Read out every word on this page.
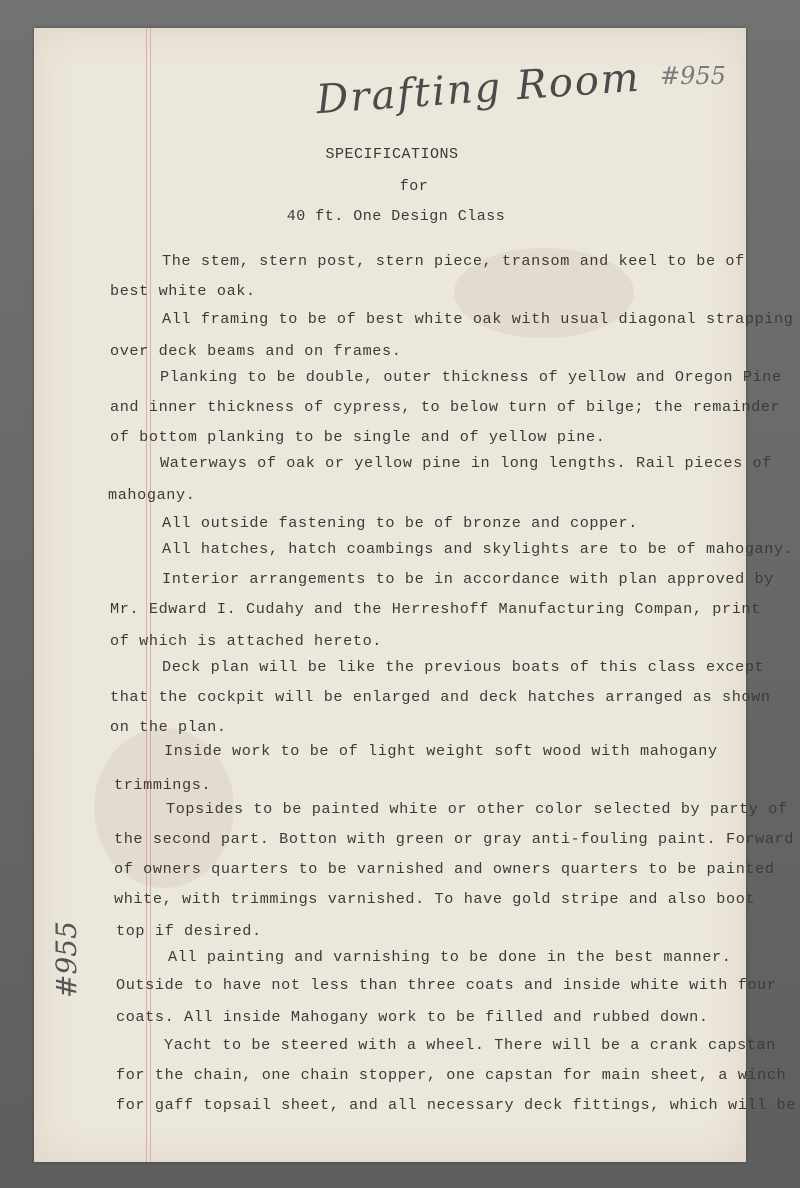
Drafting Room #955
#955
SPECIFICATIONS
for
40 ft. One Design Class
The stem, stern post, stern piece, transom and keel to be of
best white oak.
All framing to be of best white oak with usual diagonal strapping
over deck beams and on frames.
Planking to be double, outer thickness of yellow and Oregon Pine
and inner thickness of cypress, to below turn of bilge; the remainder
of bottom planking to be single and of yellow pine.
Waterways of oak or yellow pine in long lengths. Rail pieces of
mahogany.
All outside fastening to be of bronze and copper.
All hatches, hatch coambings and skylights are to be of mahogany.
Interior arrangements to be in accordance with plan approved by
Mr. Edward I. Cudahy and the Herreshoff Manufacturing Compan, print
of which is attached hereto.
Deck plan will be like the previous boats of this class except
that the cockpit will be enlarged and deck hatches arranged as shown
on the plan.
Inside work to be of light weight soft wood with mahogany
trimmings.
Topsides to be painted white or other color selected by party of
the second part. Botton with green or gray anti-fouling paint. Forward
of owners quarters to be varnished and owners quarters to be painted
white, with trimmings varnished. To have gold stripe and also boot
top if desired.
All painting and varnishing to be done in the best manner.
Outside to have not less than three coats and inside white with four
coats. All inside Mahogany work to be filled and rubbed down.
Yacht to be steered with a wheel. There will be a crank capstan
for the chain, one chain stopper, one capstan for main sheet, a winch
for gaff topsail sheet, and all necessary deck fittings, which will be
